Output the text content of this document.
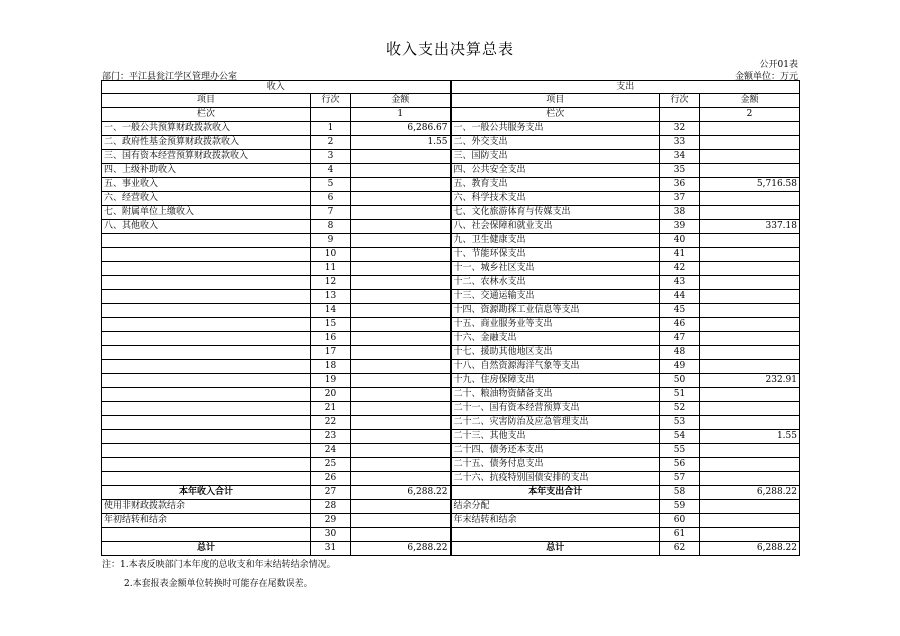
收入支出决算总表
公开01表
部门：平江县瓮江学区管理办公室	金额单位：万元
收入			支出		
项目	行次	金额	项目	行次	金额
栏次		1	栏次		2
一、一般公共预算财政拨款收入	1	6,286.67	一、一般公共服务支出	32	
二、政府性基金预算财政拨款收入	2	1.55	二、外交支出	33	
三、国有资本经营预算财政拨款收入	3		三、国防支出	34	
四、上级补助收入	4		四、公共安全支出	35	
五、事业收入	5		五、教育支出	36	5,716.58
六、经营收入	6		六、科学技术支出	37	
七、附属单位上缴收入	7		七、文化旅游体育与传媒支出	38	
八、其他收入	8		八、社会保障和就业支出	39	337.18
	9		九、卫生健康支出	40	
	10		十、节能环保支出	41	
	11		十一、城乡社区支出	42	
	12		十二、农林水支出	43	
	13		十三、交通运输支出	44	
	14		十四、资源勘探工业信息等支出	45	
	15		十五、商业服务业等支出	46	
	16		十六、金融支出	47	
	17		十七、援助其他地区支出	48	
	18		十八、自然资源海洋气象等支出	49	
	19		十九、住房保障支出	50	232.91
	20		二十、粮油物资储备支出	51	
	21		二十一、国有资本经营预算支出	52	
	22		二十二、灾害防治及应急管理支出	53	
	23		二十三、其他支出	54	1.55
	24		二十四、债务还本支出	55	
	25		二十五、债务付息支出	56	
	26		二十六、抗疫特别国债安排的支出	57	
本年收入合计	27	6,288.22	本年支出合计	58	6,288.22
使用非财政拨款结余	28		结余分配	59	
年初结转和结余	29		年末结转和结余	60	
	30			61	
总计	31	6,288.22	总计	62	6,288.22
注：1.本表反映部门本年度的总收支和年末结转结余情况。
2.本套报表金额单位转换时可能存在尾数误差。
